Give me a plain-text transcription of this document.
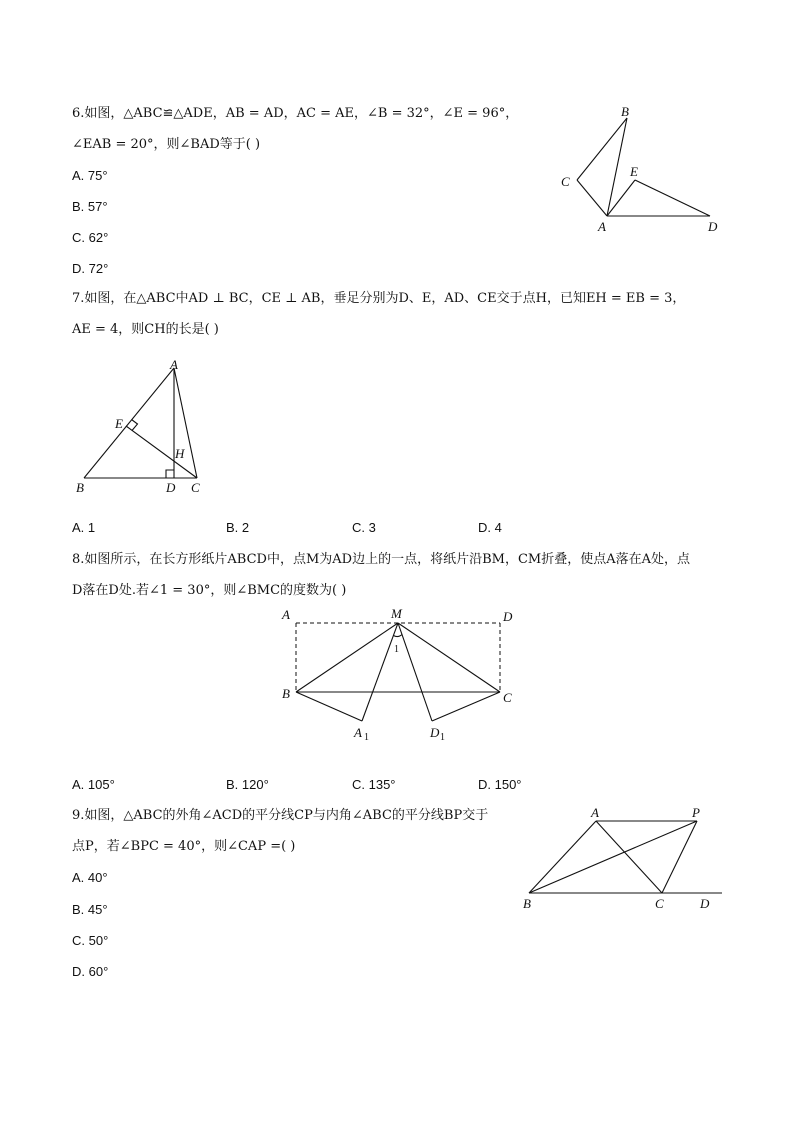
6.如图，△ABC≌△ADE，AB = AD，AC = AE，∠B = 32°，∠E = 96°，
∠EAB = 20°，则∠BAD等于( )
A. 75°
B. 57°
C. 62°
D. 72°
B
C
E
A	D
7.如图，在△ABC中AD ⊥ BC，CE ⊥ AB，垂足分别为D、E，AD、CE交于点H，已知EH = EB = 3，
AE = 4，则CH的长是( )
A
E
H
B	D C
A. 1	B. 2	C. 3	D. 4
8.如图所示，在长方形纸片ABCD中，点M为AD边上的一点，将纸片沿BM，CM折叠，使点A落在A处，点
D落在D处.若∠1 = 30°，则∠BMC的度数为( )
A	M	D
B	C
1
A 1	D 1
A. 105°	B. 120°	C. 135°	D. 150°
9.如图，△ABC的外角∠ACD的平分线CP与内角∠ABC的平分线BP交于
点P，若∠BPC = 40°，则∠CAP =( )
A. 40°
B. 45°
C. 50°
D. 60°
A	P
B	C	D
